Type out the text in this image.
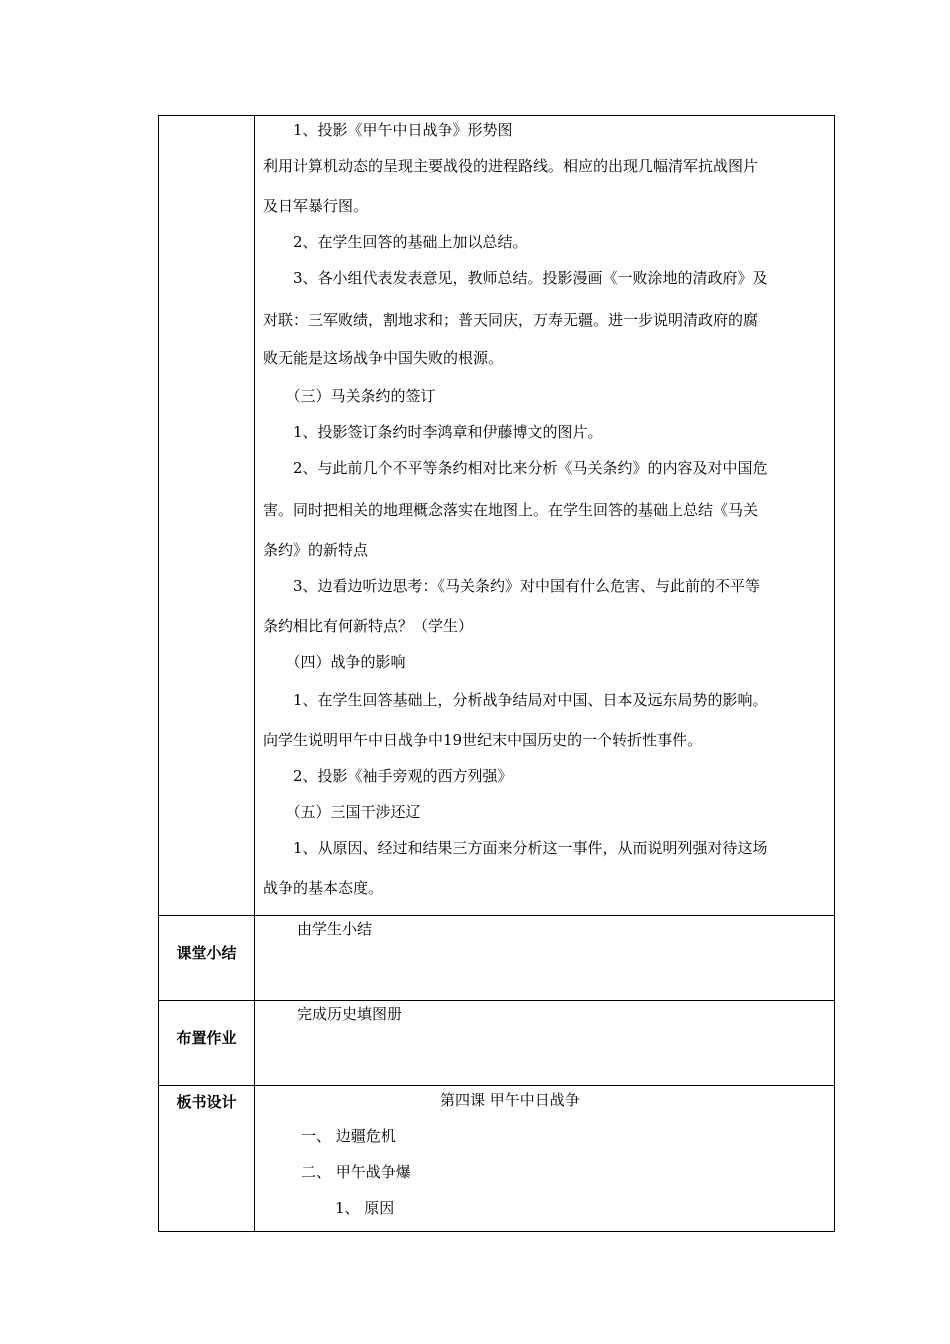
　　1、投影《甲午中日战争》形势图
利用计算机动态的呈现主要战役的进程路线。相应的出现几幅清军抗战图片
及日军暴行图。
　　2、在学生回答的基础上加以总结。
　　3、各小组代表发表意见，教师总结。投影漫画《一败涂地的清政府》及
对联：三军败绩，割地求和；普天同庆，万寿无疆。进一步说明清政府的腐
败无能是这场战争中国失败的根源。
　　（三）马关条约的签订
　　1、投影签订条约时李鸿章和伊藤博文的图片。
　　2、与此前几个不平等条约相对比来分析《马关条约》的内容及对中国危
害。同时把相关的地理概念落实在地图上。在学生回答的基础上总结《马关
条约》的新特点
　　3、边看边听边思考：《马关条约》对中国有什么危害、与此前的不平等
条约相比有何新特点？（学生）
　　（四）战争的影响
　　1、在学生回答基础上，分析战争结局对中国、日本及远东局势的影响。
向学生说明甲午中日战争中19世纪末中国历史的一个转折性事件。
　　2、投影《袖手旁观的西方列强》
　　（五）三国干涉还辽
　　1、从原因、经过和结果三方面来分析这一事件，从而说明列强对待这场
战争的基本态度。
课堂小结
由学生小结
布置作业
完成历史填图册
板书设计	第四课 甲午中日战争
一、 边疆危机
二、 甲午战争爆
1、 原因
